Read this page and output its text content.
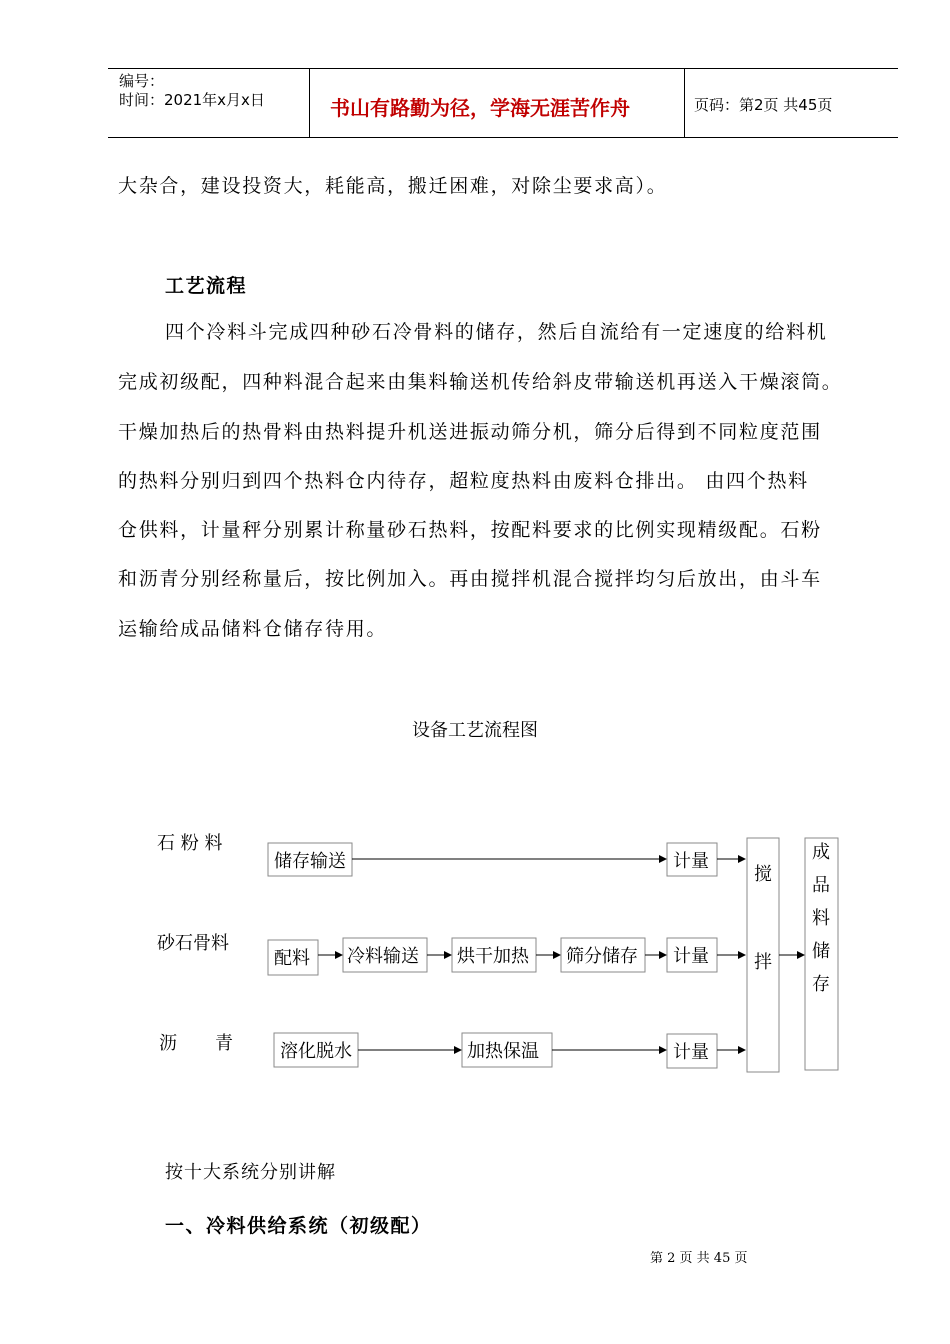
编号：
时间：2021年x月x日	书山有路勤为径，学海无涯苦作舟	页码：第2页 共45页
大杂合，建设投资大，耗能高，搬迁困难，对除尘要求高）。
工艺流程
四个冷料斗完成四种砂石冷骨料的储存，然后自流给有一定速度的给料机
完成初级配，四种料混合起来由集料输送机传给斜皮带输送机再送入干燥滚筒。
干燥加热后的热骨料由热料提升机送进振动筛分机，筛分后得到不同粒度范围
的热料分别归到四个热料仓内待存，超粒度热料由废料仓排出。 由四个热料
仓供料，计量秤分别累计称量砂石热料，按配料要求的比例实现精级配。石粉
和沥青分别经称量后，按比例加入。再由搅拌机混合搅拌均匀后放出，由斗车
运输给成品储料仓储存待用。
设备工艺流程图
石 粉 料
砂石骨料
沥 青
储存输送	计量
配料 冷料输送 烘干加热 筛分储存 计量
溶化脱水	加热保温	计量
搅
拌
成
品
料
储
存
按十大系统分别讲解
一、冷料供给系统（初级配）
第 2 页 共 45 页
